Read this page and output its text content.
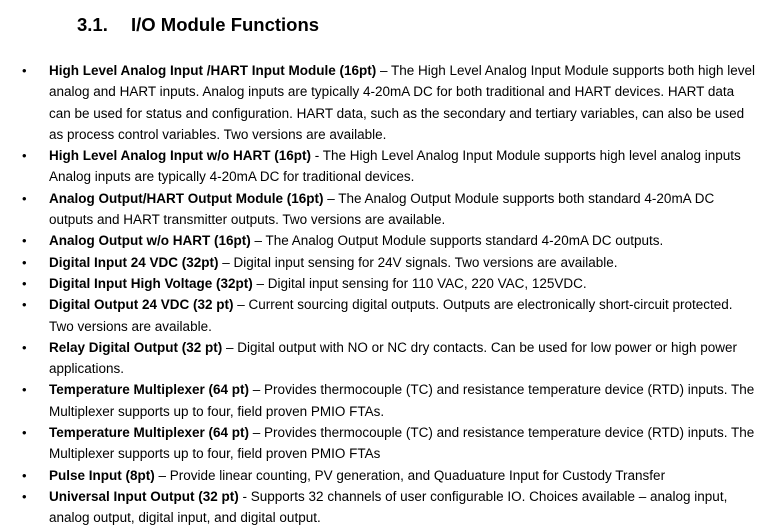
3.1. I/O Module Functions
• High Level Analog Input /HART Input Module (16pt) – The High Level Analog Input Module supports both high level analog and HART inputs. Analog inputs are typically 4-20mA DC for both traditional and HART devices. HART data can be used for status and configuration. HART data, such as the secondary and tertiary variables, can also be used as process control variables. Two versions are available.
• High Level Analog Input w/o HART (16pt) - The High Level Analog Input Module supports high level analog inputs Analog inputs are typically 4-20mA DC for traditional devices.
• Analog Output/HART Output Module (16pt) – The Analog Output Module supports both standard 4-20mA DC outputs and HART transmitter outputs. Two versions are available.
• Analog Output w/o HART (16pt) – The Analog Output Module supports standard 4-20mA DC outputs.
• Digital Input 24 VDC (32pt) – Digital input sensing for 24V signals. Two versions are available.
• Digital Input High Voltage (32pt) – Digital input sensing for 110 VAC, 220 VAC, 125VDC.
• Digital Output 24 VDC (32 pt) – Current sourcing digital outputs. Outputs are electronically short-circuit protected. Two versions are available.
• Relay Digital Output (32 pt) – Digital output with NO or NC dry contacts. Can be used for low power or high power applications.
• Temperature Multiplexer (64 pt) – Provides thermocouple (TC) and resistance temperature device (RTD) inputs. The Multiplexer supports up to four, field proven PMIO FTAs.
• Temperature Multiplexer (64 pt) – Provides thermocouple (TC) and resistance temperature device (RTD) inputs. The Multiplexer supports up to four, field proven PMIO FTAs
• Pulse Input (8pt) – Provide linear counting, PV generation, and Quaduature Input for Custody Transfer
• Universal Input Output (32 pt) - Supports 32 channels of user configurable IO. Choices available – analog input, analog output, digital input, and digital output.
